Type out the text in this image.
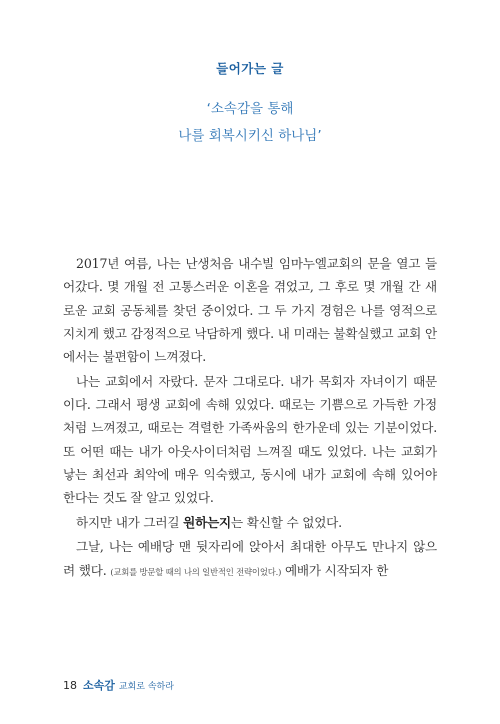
들어가는 글
‘소속감을 통해
나를 회복시키신 하나님’

2017년 여름, 나는 난생처음 내수빌 임마누엘교회의 문을 열고 들어갔다. 몇 개월 전 고통스러운 이혼을 겪었고, 그 후로 몇 개월 간 새로운 교회 공동체를 찾던 중이었다. 그 두 가지 경험은 나를 영적으로 지치게 했고 감정적으로 낙담하게 했다. 내 미래는 불확실했고 교회 안에서는 불편함이 느껴졌다.

나는 교회에서 자랐다. 문자 그대로다. 내가 목회자 자녀이기 때문이다. 그래서 평생 교회에 속해 있었다. 때로는 기쁨으로 가득한 가정처럼 느껴졌고, 때로는 격렬한 가족싸움의 한가운데 있는 기분이었다. 또 어떤 때는 내가 아웃사이더처럼 느껴질 때도 있었다. 나는 교회가 낳는 최선과 최악에 매우 익숙했고, 동시에 내가 교회에 속해 있어야 한다는 것도 잘 알고 있었다.

하지만 내가 그러길 원하는지는 확신할 수 없었다.

그날, 나는 예배당 맨 뒷자리에 앉아서 최대한 아무도 만나지 않으려 했다. (교회를 방문할 때의 나의 일반적인 전략이었다.) 예배가 시작되자 한

18 소속감 교회로 속하라
